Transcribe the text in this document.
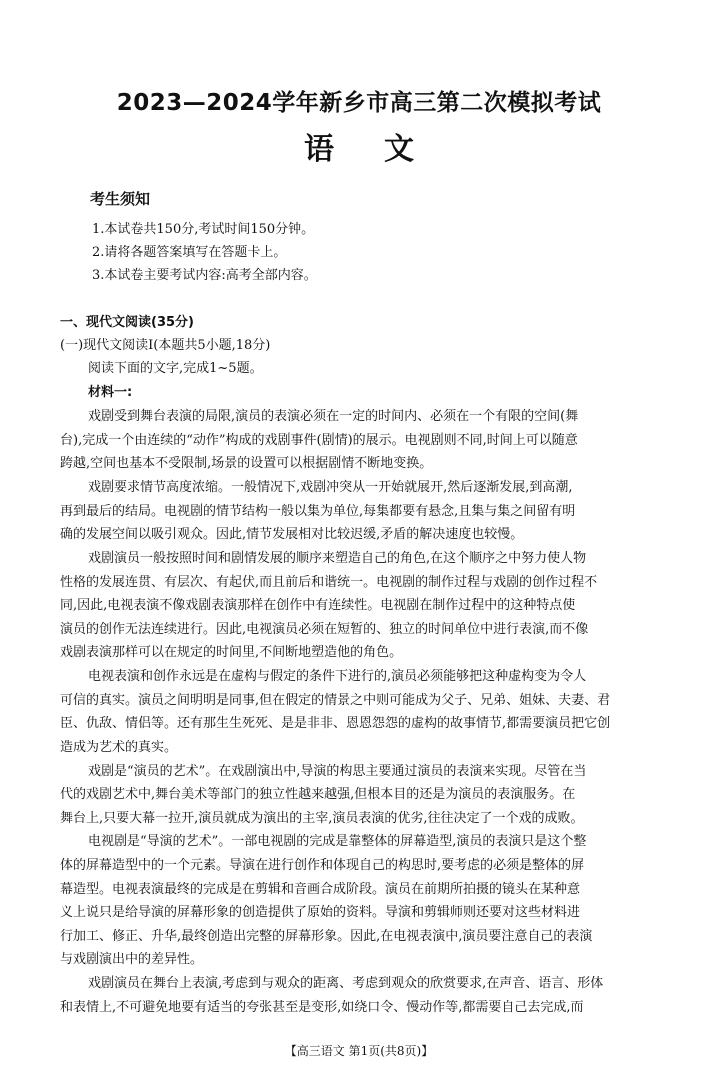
2023—2024学年新乡市高三第二次模拟考试
语文
考生须知
1.本试卷共150分,考试时间150分钟。
2.请将各题答案填写在答题卡上。
3.本试卷主要考试内容:高考全部内容。
一、现代文阅读(35分)
(一)现代文阅读Ⅰ(本题共5小题,18分)
阅读下面的文字,完成1~5题。
材料一:
戏剧受到舞台表演的局限,演员的表演必须在一定的时间内、必须在一个有限的空间(舞
台),完成一个由连续的“动作”构成的戏剧事件(剧情)的展示。电视剧则不同,时间上可以随意
跨越,空间也基本不受限制,场景的设置可以根据剧情不断地变换。
戏剧要求情节高度浓缩。一般情况下,戏剧冲突从一开始就展开,然后逐渐发展,到高潮,
再到最后的结局。电视剧的情节结构一般以集为单位,每集都要有悬念,且集与集之间留有明
确的发展空间以吸引观众。因此,情节发展相对比较迟缓,矛盾的解决速度也较慢。
戏剧演员一般按照时间和剧情发展的顺序来塑造自己的角色,在这个顺序之中努力使人物
性格的发展连贯、有层次、有起伏,而且前后和谐统一。电视剧的制作过程与戏剧的创作过程不
同,因此,电视表演不像戏剧表演那样在创作中有连续性。电视剧在制作过程中的这种特点使
演员的创作无法连续进行。因此,电视演员必须在短暂的、独立的时间单位中进行表演,而不像
戏剧表演那样可以在规定的时间里,不间断地塑造他的角色。
电视表演和创作永远是在虚构与假定的条件下进行的,演员必须能够把这种虚构变为令人
可信的真实。演员之间明明是同事,但在假定的情景之中则可能成为父子、兄弟、姐妹、夫妻、君
臣、仇敌、情侣等。还有那生生死死、是是非非、恩恩怨怨的虚构的故事情节,都需要演员把它创
造成为艺术的真实。
戏剧是“演员的艺术”。在戏剧演出中,导演的构思主要通过演员的表演来实现。尽管在当
代的戏剧艺术中,舞台美术等部门的独立性越来越强,但根本目的还是为演员的表演服务。在
舞台上,只要大幕一拉开,演员就成为演出的主宰,演员表演的优劣,往往决定了一个戏的成败。
电视剧是“导演的艺术”。一部电视剧的完成是靠整体的屏幕造型,演员的表演只是这个整
体的屏幕造型中的一个元素。导演在进行创作和体现自己的构思时,要考虑的必须是整体的屏
幕造型。电视表演最终的完成是在剪辑和音画合成阶段。演员在前期所拍摄的镜头在某种意
义上说只是给导演的屏幕形象的创造提供了原始的资料。导演和剪辑师则还要对这些材料进
行加工、修正、升华,最终创造出完整的屏幕形象。因此,在电视表演中,演员要注意自己的表演
与戏剧演出中的差异性。
戏剧演员在舞台上表演,考虑到与观众的距离、考虑到观众的欣赏要求,在声音、语言、形体
和表情上,不可避免地要有适当的夸张甚至是变形,如绕口令、慢动作等,都需要自己去完成,而
【高三语文 第1页(共8页)】
